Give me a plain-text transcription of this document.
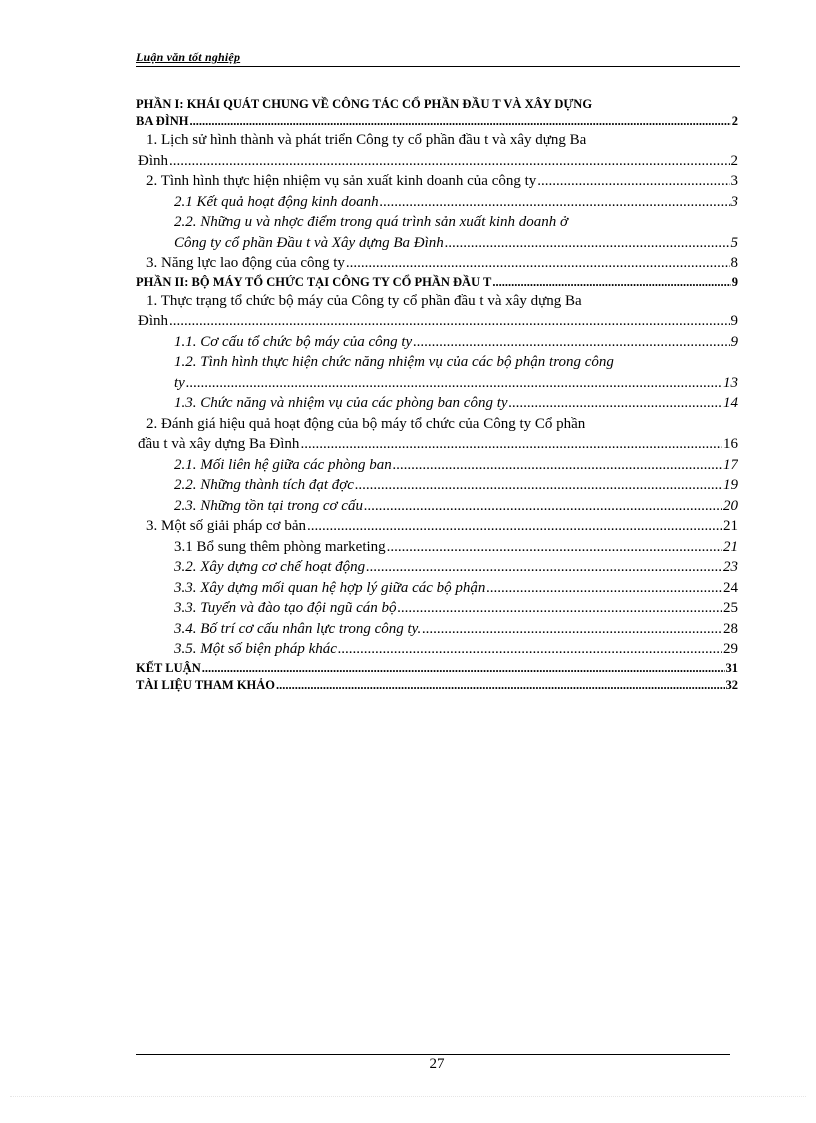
Luận văn tốt nghiệp
PHẦN I: KHÁI QUÁT CHUNG VỀ CÔNG TÁC CỔ PHẦN ĐẦU T VÀ XÂY DỰNG
BA ĐÌNH .....	2
1. Lịch sử hình thành và phát triển Công ty cổ phần đầu t và xây dựng Ba
Đình .....	2
2. Tình hình thực hiện nhiệm vụ sản xuất kinh doanh của công ty .....	3
2.1 Kết quả hoạt động kinh doanh .....	3
2.2. Những u và nhợc điểm trong quá trình sản xuất kinh doanh ở
Công ty cổ phần Đầu t và Xây dựng Ba Đình .....	5
3. Năng lực lao động của công ty .....	8
PHẦN II: BỘ MÁY TỔ CHỨC TẠI CÔNG TY CỔ PHẦN ĐẦU T .....	9
1. Thực trạng tổ chức bộ máy của Công ty cổ phần đầu t và xây dựng Ba
Đình .....	9
1.1. Cơ cấu tổ chức bộ máy của công ty .....	9
1.2. Tình hình thực hiện chức năng nhiệm vụ của các bộ phận trong công
ty .....	13
1.3. Chức năng và nhiệm vụ của các phòng ban công ty .....	14
2. Đánh giá hiệu quả hoạt động của bộ máy tổ chức của Công ty Cổ phần
đầu t và xây dựng Ba Đình .....	16
2.1. Mối liên hệ giữa các phòng ban .....	17
2.2. Những thành tích đạt đợc .....	19
2.3. Những tồn tại trong cơ cấu .....	20
3. Một số giải pháp cơ bản .....	21
3.1 Bổ sung thêm phòng marketing .....	21
3.2. Xây dựng cơ chế hoạt động .....	23
3.3. Xây dựng mối quan hệ hợp lý giữa các bộ phận .....	24
3.3. Tuyển và đào tạo đội ngũ cán bộ .....	25
3.4. Bố trí cơ cấu nhân lực trong công ty. .....	28
3.5. Một số biện pháp khác .....	29
KẾT LUẬN .....	31
TÀI LIỆU THAM KHẢO .....	32
27
